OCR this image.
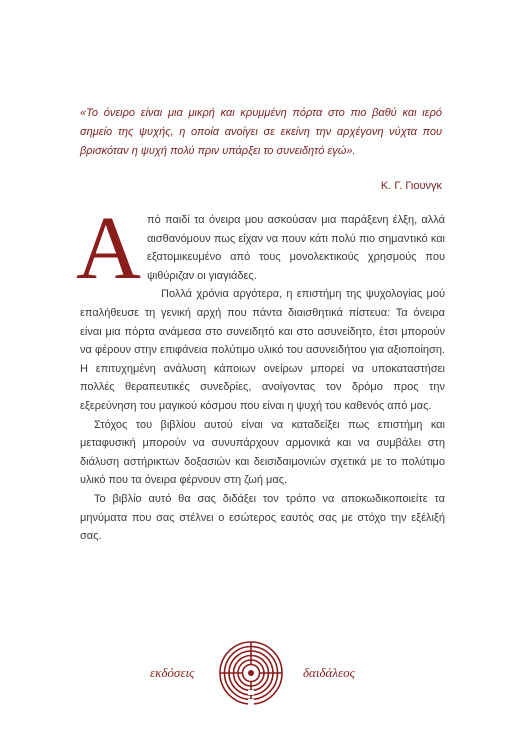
«Το όνειρο είναι μια μικρή και κρυμμένη πόρτα στο πιο βαθύ και ιερό σημείο της ψυχής, η οποία ανοίγει σε εκείνη την αρχέγονη νύχτα που βρισκόταν η ψυχή πολύ πριν υπάρξει το συνειδητό εγώ».

Κ. Γ. Γιουνγκ

Από παιδί τα όνειρα μου ασκούσαν μια παράξενη έλξη, αλλά αισθανόμουν πως είχαν να πουν κάτι πολύ πιο σημαντικό και εξατομικευμένο από τους μονολεκτικούς χρησμούς που ψιθύριζαν οι γιαγιάδες.

Πολλά χρόνια αργότερα, η επιστήμη της ψυχολογίας μού επαλήθευσε τη γενική αρχή που πάντα διαισθητικά πίστευα: Τα όνειρα είναι μια πόρτα ανάμεσα στο συνειδητό και στο ασυνείδητο, έτσι μπορούν να φέρουν στην επιφάνεια πολύτιμο υλικό του ασυνειδήτου για αξιοποίηση. Η επιτυχημένη ανάλυση κάποιων ονείρων μπορεί να υποκαταστήσει πολλές θεραπευτικές συνεδρίες, ανοίγοντας τον δρόμο προς την εξερεύνηση του μαγικού κόσμου που είναι η ψυχή του καθενός από μας.

Στόχος του βιβλίου αυτού είναι να καταδείξει πως επιστήμη και μεταφυσική μπορούν να συνυπάρχουν αρμονικά και να συμβάλει στη διάλυση αστήρικτων δοξασιών και δεισιδαιμονιών σχετικά με το πολύτιμο υλικό που τα όνειρα φέρνουν στη ζωή μας.

Το βιβλίο αυτό θα σας διδάξει τον τρόπο να αποκωδικοποιείτε τα μηνύματα που σας στέλνει ο εσώτερος εαυτός σας με στόχο την εξέλιξή σας.

εκδόσεις	δαιδάλεος
